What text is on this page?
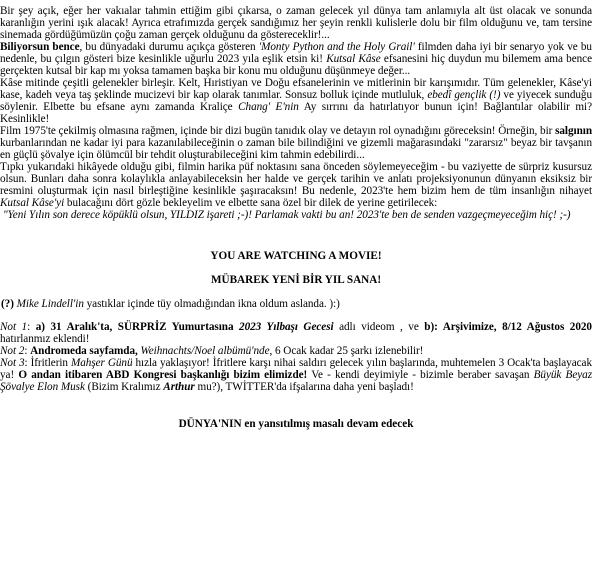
Bir şey açık, eğer her vakıalar tahmin ettiğim gibi çıkarsa, o zaman gelecek yıl dünya tam anlamıyla alt üst olacak ve sonunda karanlığın yerini ışık alacak! Ayrıca etrafımızda gerçek sandığımız her şeyin renkli kulislerle dolu bir film olduğunu ve, tam tersine sinemada gördüğümüzün çoğu zaman gerçek olduğunu da göstereceklir!...

Biliyorsun bence, bu dünyadaki durumu açıkça gösteren 'Monty Python and the Holy Grail' filmden daha iyi bir senaryo yok ve bu nedenle, bu çılgın gösteri bize kesinlikle uğurlu 2023 yıla eşlik etsin ki! Kutsal Kâse efsanesini hiç duydun mu bilemem ama bence gerçekten kutsal bir kap mı yoksa tamamen başka bir konu mu olduğunu düşünmeye değer...

Kâse mitinde çeşitli gelenekler birleşir. Kelt, Hıristiyan ve Doğu efsanelerinin ve mitlerinin bir karışımıdır. Tüm gelenekler, Kâse'yi kase, kadeh veya taş şeklinde mucizevi bir kap olarak tanımlar. Sonsuz bolluk içinde mutluluk, ebedî gençlik (!) ve yiyecek sunduğu söylenir. Elbette bu efsane aynı zamanda Kraliçe Chang' E'nin Ay sırrını da hatırlatıyor bunun için! Bağlantılar olabilir mi? Kesinlikle!

Film 1975'te çekilmiş olmasına rağmen, içinde bir dizi bugün tanıdık olay ve detayın rol oynadığını göreceksin! Örneğin, bir salgının kurbanlarından ne kadar iyi para kazanılabileceğinin o zaman bile bilindiğini ve gizemli mağarasındaki "zararsız" beyaz bir tavşanın en güçlü şövalye için ölümcül bir tehdit oluşturabileceğini kim tahmin edebilirdi...

Tıpkı yukarıdaki hikâyede olduğu gibi, filmin harika püf noktasını sana önceden söylemeyeceğim - bu vaziyette de sürpriz kusursuz olsun. Bunları daha sonra kolaylıkla anlayabileceksin her halde ve gerçek tarihin ve anlatı projeksiyonunun dünyanın eksiksiz bir resmini oluşturmak için nasıl birleştiğine kesinlikle şaşıracaksın! Bu nedenle, 2023'te hem bizim hem de tüm insanlığın nihayet Kutsal Kâse'yi bulacağını dört gözle bekleyelim ve elbette sana özel bir dilek de yerine getirilecek:

"Yeni Yılın son derece köpüklü olsun, YILDIZ işareti ;-)! Parlamak vakti bu an! 2023'te ben de senden vazgeçmeyeceğim hiç! ;-)

YOU ARE WATCHING A MOVIE!

MÜBAREK YENİ BİR YIL SANA!

(?) Mike Lindell'in yastıklar içinde tüy olmadığından ikna oldum aslanda. ):)

Not 1: a) 31 Aralık'ta, SÜRPRİZ Yumurtasına 2023 Yılbaşı Gecesi adlı videom , ve b): Arşivimize, 8/12 Ağustos 2020 hatırlanmız eklendi!

Not 2: Andromeda sayfamda, Weihnachts/Noel albümü'nde, 6 Ocak kadar 25 şarkı izlenebilir!

Not 3: İfritlerin Mahşer Günü hızla yaklaşıyor! İfritlere karşı nihai saldırı gelecek yılın başlarında, muhtemelen 3 Ocak'ta başlayacak ya! O andan itibaren ABD Kongresi başkanlığı bizim elimizde! Ve - kendi deyimiyle - bizimle beraber savaşan Büyük Beyaz Şövalye Elon Musk (Bizim Kralımız Arthur mu?), TWİTTER'da ifşalarına daha yeni başladı!

DÜNYA'NIN en yansıtılmış masalı devam edecek
